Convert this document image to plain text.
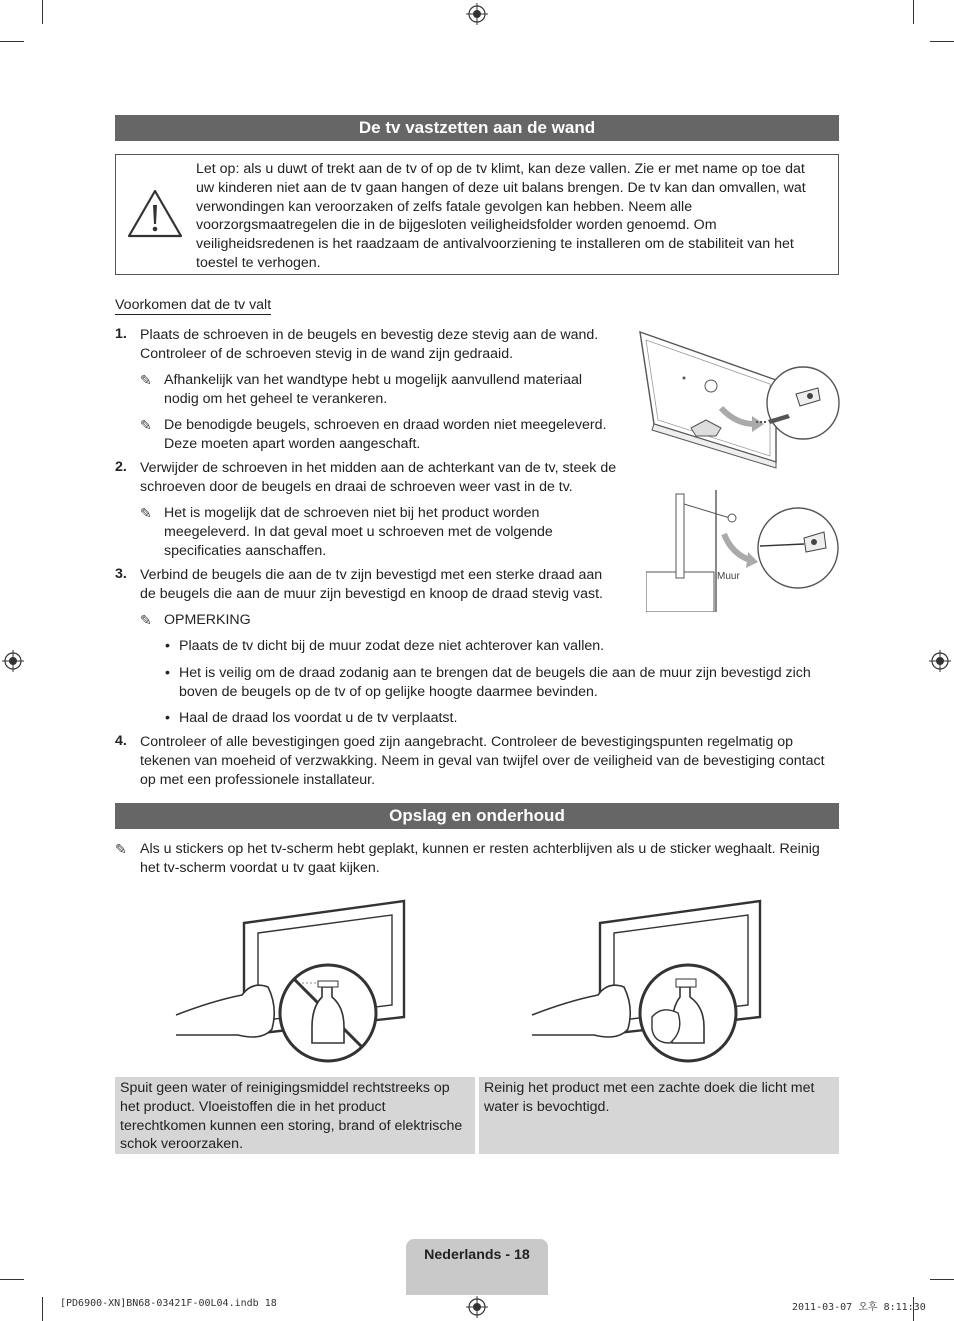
De tv vastzetten aan de wand
Let op: als u duwt of trekt aan de tv of op de tv klimt, kan deze vallen. Zie er met name op toe dat uw kinderen niet aan de tv gaan hangen of deze uit balans brengen. De tv kan dan omvallen, wat verwondingen kan veroorzaken of zelfs fatale gevolgen kan hebben. Neem alle voorzorgsmaatregelen die in de bijgesloten veiligheidsfolder worden genoemd. Om veiligheidsredenen is het raadzaam de antivalvoorziening te installeren om de stabiliteit van het toestel te verhogen.
Voorkomen dat de tv valt
1. Plaats de schroeven in de beugels en bevestig deze stevig aan de wand. Controleer of de schroeven stevig in de wand zijn gedraaid.
✎ Afhankelijk van het wandtype hebt u mogelijk aanvullend materiaal nodig om het geheel te verankeren.
✎ De benodigde beugels, schroeven en draad worden niet meegeleverd. Deze moeten apart worden aangeschaft.
2. Verwijder de schroeven in het midden aan de achterkant van de tv, steek de schroeven door de beugels en draai de schroeven weer vast in de tv.
✎ Het is mogelijk dat de schroeven niet bij het product worden meegeleverd. In dat geval moet u schroeven met de volgende specificaties aanschaffen.
3. Verbind de beugels die aan de tv zijn bevestigd met een sterke draad aan de beugels die aan de muur zijn bevestigd en knoop de draad stevig vast.
✎ OPMERKING
• Plaats de tv dicht bij de muur zodat deze niet achterover kan vallen.
• Het is veilig om de draad zodanig aan te brengen dat de beugels die aan de muur zijn bevestigd zich boven de beugels op de tv of op gelijke hoogte daarmee bevinden.
• Haal de draad los voordat u de tv verplaatst.
4. Controleer of alle bevestigingen goed zijn aangebracht. Controleer de bevestigingspunten regelmatig op tekenen van moeheid of verzwakking. Neem in geval van twijfel over de veiligheid van de bevestiging contact op met een professionele installateur.
Muur
Opslag en onderhoud
✎ Als u stickers op het tv-scherm hebt geplakt, kunnen er resten achterblijven als u de sticker weghaalt. Reinig het tv-scherm voordat u tv gaat kijken.
Spuit geen water of reinigingsmiddel rechtstreeks op het product. Vloeistoffen die in het product terechtkomen kunnen een storing, brand of elektrische schok veroorzaken.
Reinig het product met een zachte doek die licht met water is bevochtigd.
Nederlands - 18
[PD6900-XN]BN68-03421F-00L04.indb 18	2011-03-07 오후 8:11:30
